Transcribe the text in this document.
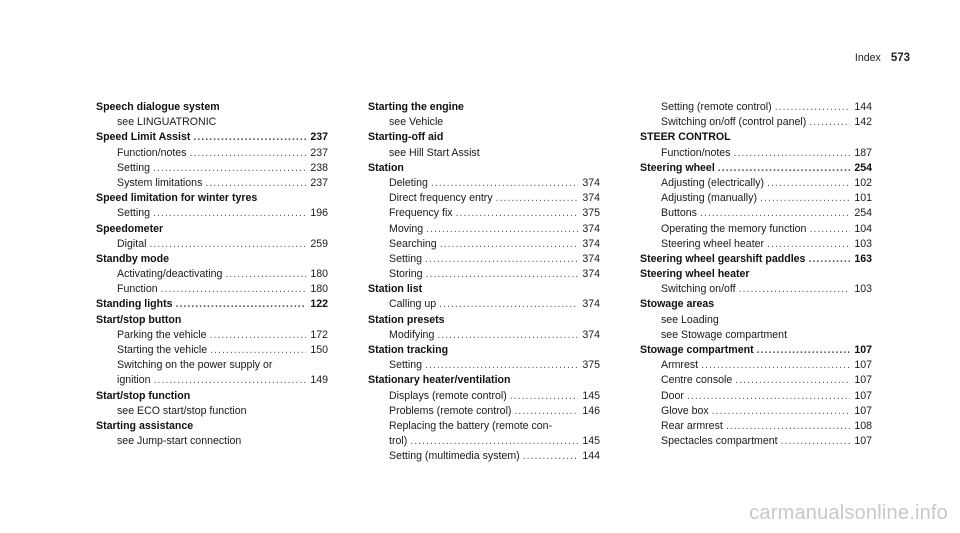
Index 573
Speech dialogue system
see LINGUATRONIC
Speed Limit Assist .....	237
Function/notes .....	237
Setting .....	238
System limitations .....	237
Speed limitation for winter tyres
Setting .....	196
Speedometer
Digital .....	259
Standby mode
Activating/deactivating .....	180
Function .....	180
Standing lights .....	122
Start/stop button
Parking the vehicle .....	172
Starting the vehicle .....	150
Switching on the power supply or
ignition .....	149
Start/stop function
see ECO start/stop function
Starting assistance
see Jump-start connection
Starting the engine
see Vehicle
Starting-off aid
see Hill Start Assist
Station
Deleting .....	374
Direct frequency entry .....	374
Frequency fix .....	375
Moving .....	374
Searching .....	374
Setting .....	374
Storing .....	374
Station list
Calling up .....	374
Station presets
Modifying .....	374
Station tracking
Setting .....	375
Stationary heater/ventilation
Displays (remote control) .....	145
Problems (remote control) .....	146
Replacing the battery (remote con-
trol) .....	145
Setting (multimedia system) .....	144
Setting (remote control) .....	144
Switching on/off (control panel) .....	142
STEER CONTROL
Function/notes .....	187
Steering wheel .....	254
Adjusting (electrically) .....	102
Adjusting (manually) .....	101
Buttons .....	254
Operating the memory function .....	104
Steering wheel heater .....	103
Steering wheel gearshift paddles .....	163
Steering wheel heater
Switching on/off .....	103
Stowage areas
see Loading
see Stowage compartment
Stowage compartment .....	107
Armrest .....	107
Centre console .....	107
Door .....	107
Glove box .....	107
Rear armrest .....	108
Spectacles compartment .....	107
carmanualsonline.info
